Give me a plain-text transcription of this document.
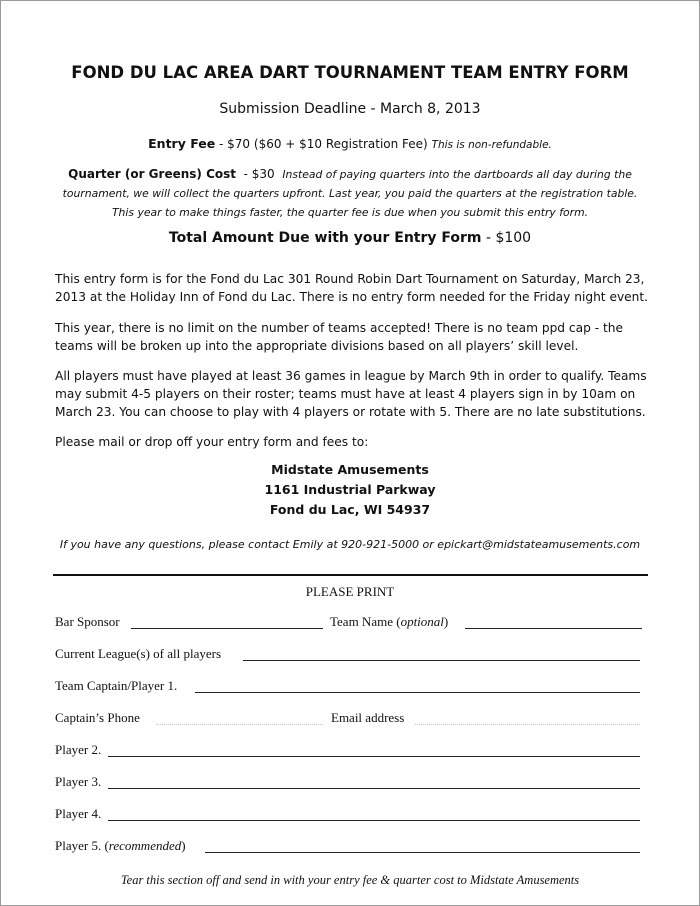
FOND DU LAC AREA DART TOURNAMENT TEAM ENTRY FORM
Submission Deadline - March 8, 2013
Entry Fee - $70 ($60 + $10 Registration Fee) This is non-refundable.
Quarter (or Greens) Cost  - $30  Instead of paying quarters into the dartboards all day during the tournament, we will collect the quarters upfront. Last year, you paid the quarters at the registration table. This year to make things faster, the quarter fee is due when you submit this entry form.
Total Amount Due with your Entry Form - $100
This entry form is for the Fond du Lac 301 Round Robin Dart Tournament on Saturday, March 23, 2013 at the Holiday Inn of Fond du Lac. There is no entry form needed for the Friday night event.
This year, there is no limit on the number of teams accepted! There is no team ppd cap - the teams will be broken up into the appropriate divisions based on all players’ skill level.
All players must have played at least 36 games in league by March 9th in order to qualify. Teams may submit 4-5 players on their roster; teams must have at least 4 players sign in by 10am on March 23. You can choose to play with 4 players or rotate with 5. There are no late substitutions.
Please mail or drop off your entry form and fees to:
Midstate Amusements
1161 Industrial Parkway
Fond du Lac, WI 54937
If you have any questions, please contact Emily at 920-921-5000 or epickart@midstateamusements.com
PLEASE PRINT
Bar Sponsor	Team Name (optional)
Current League(s) of all players
Team Captain/Player 1.
Captain’s Phone	Email address
Player 2.
Player 3.
Player 4.
Player 5. (recommended)
Tear this section off and send in with your entry fee & quarter cost to Midstate Amusements
